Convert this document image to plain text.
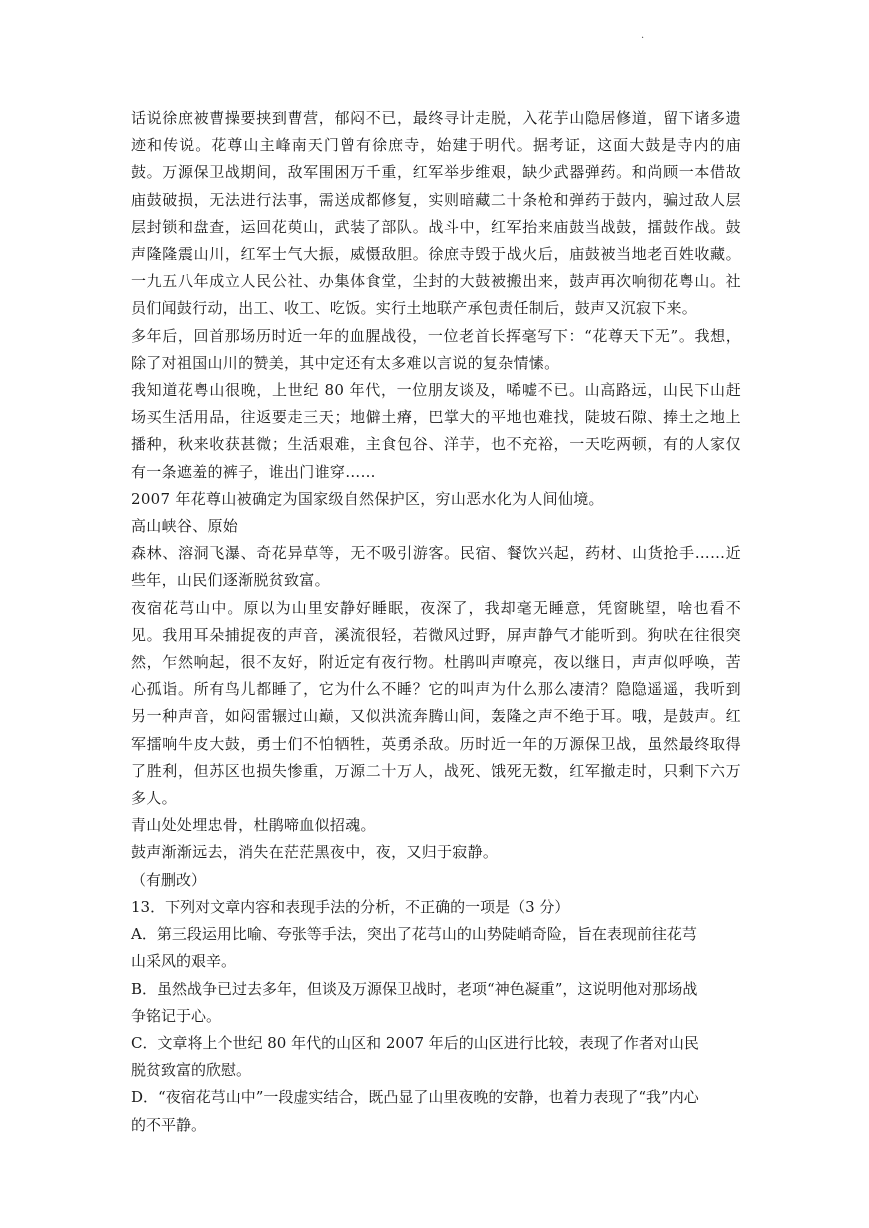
·

话说徐庶被曹操要挟到曹营，郁闷不已，最终寻计走脱，入花芋山隐居修道，留下诸多遗迹和传说。花尊山主峰南天门曾有徐庶寺，始建于明代。据考证，这面大鼓是寺内的庙鼓。万源保卫战期间，敌军围困万千重，红军举步维艰，缺少武器弹药。和尚顾一本借故庙鼓破损，无法进行法事，需送成都修复，实则暗藏二十条枪和弹药于鼓内，骗过敌人层层封锁和盘查，运回花萸山，武装了部队。战斗中，红军抬来庙鼓当战鼓，擂鼓作战。鼓声隆隆震山川，红军士气大振，威慑敌胆。徐庶寺毁于战火后，庙鼓被当地老百姓收藏。一九五八年成立人民公社、办集体食堂，尘封的大鼓被搬出来，鼓声再次响彻花粤山。社员们闻鼓行动，出工、收工、吃饭。实行土地联产承包责任制后，鼓声又沉寂下来。

多年后，回首那场历时近一年的血腥战役，一位老首长挥毫写下：“花尊天下无”。我想，除了对祖国山川的赞美，其中定还有太多难以言说的复杂情愫。

我知道花粤山很晚，上世纪 80 年代，一位朋友谈及，唏嘘不已。山高路远，山民下山赶场买生活用品，往返要走三天；地僻土瘠，巴掌大的平地也难找，陡坡石隙、捧土之地上播种，秋来收获甚微；生活艰难，主食包谷、洋芋，也不充裕，一天吃两顿，有的人家仅有一条遮羞的裤子，谁出门谁穿……

2007 年花尊山被确定为国家级自然保护区，穷山恶水化为人间仙境。

高山峡谷、原始

森林、溶洞飞瀑、奇花异草等，无不吸引游客。民宿、餐饮兴起，药材、山货抢手……近些年，山民们逐渐脱贫致富。

夜宿花芎山中。原以为山里安静好睡眠，夜深了，我却毫无睡意，凭窗眺望，啥也看不见。我用耳朵捕捉夜的声音，溪流很轻，若微风过野，屏声静气才能听到。狗吠在往很突然，乍然响起，很不友好，附近定有夜行物。杜鹃叫声嘹亮，夜以继日，声声似呼唤，苦心孤诣。所有鸟儿都睡了，它为什么不睡？它的叫声为什么那么凄清？隐隐遥遥，我听到另一种声音，如闷雷辗过山巅，又似洪流奔腾山间，轰隆之声不绝于耳。哦，是鼓声。红军擂响牛皮大鼓，勇士们不怕牺牲，英勇杀敌。历时近一年的万源保卫战，虽然最终取得了胜利，但苏区也损失惨重，万源二十万人，战死、饿死无数，红军撤走时，只剩下六万多人。

青山处处埋忠骨，杜鹃啼血似招魂。

鼓声渐渐远去，消失在茫茫黑夜中，夜，又归于寂静。

（有删改）

13．下列对文章内容和表现手法的分析，不正确的一项是（3 分）

A．第三段运用比喻、夸张等手法，突出了花芎山的山势陡峭奇险，旨在表现前往花芎山采风的艰辛。

B．虽然战争已过去多年，但谈及万源保卫战时，老项“神色凝重”，这说明他对那场战争铭记于心。

C．文章将上个世纪 80 年代的山区和 2007 年后的山区进行比较，表现了作者对山民脱贫致富的欣慰。

D．“夜宿花芎山中”一段虚实结合，既凸显了山里夜晚的安静，也着力表现了“我”内心的不平静。
